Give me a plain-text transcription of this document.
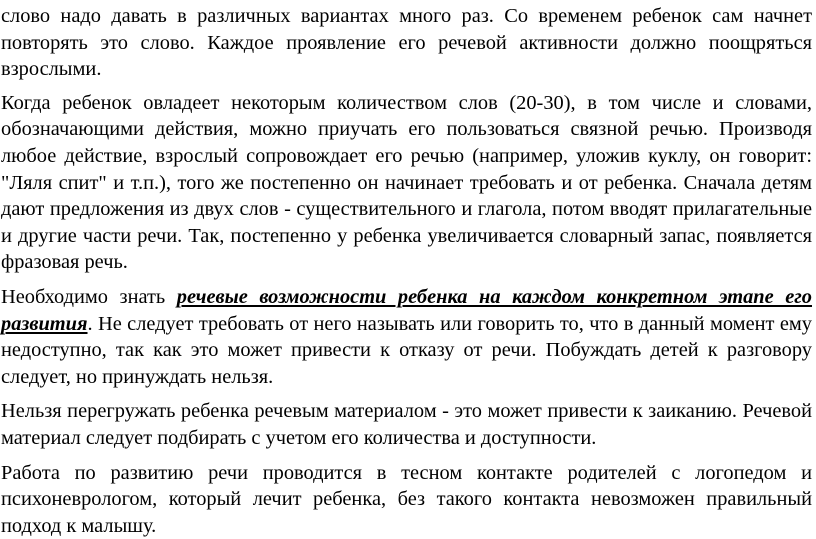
слово надо давать в различных вариантах много раз. Со временем ребенок сам начнет повторять это слово. Каждое проявление его речевой активности должно поощряться взрослыми.

Когда ребенок овладеет некоторым количеством слов (20-30), в том числе и словами, обозначающими действия, можно приучать его пользоваться связной речью. Производя любое действие, взрослый сопровождает его речью (например, уложив куклу, он говорит: "Ляля спит" и т.п.), того же постепенно он начинает требовать и от ребенка. Сначала детям дают предложения из двух слов - существительного и глагола, потом вводят прилагательные и другие части речи. Так, постепенно у ребенка увеличивается словарный запас, появляется фразовая речь.

Необходимо знать речевые возможности ребенка на каждом конкретном этапе его развития. Не следует требовать от него называть или говорить то, что в данный момент ему недоступно, так как это может привести к отказу от речи. Побуждать детей к разговору следует, но принуждать нельзя.

Нельзя перегружать ребенка речевым материалом - это может привести к заиканию. Речевой материал следует подбирать с учетом его количества и доступности.

Работа по развитию речи проводится в тесном контакте родителей с логопедом и психоневрологом, который лечит ребенка, без такого контакта невозможен правильный подход к малышу.
